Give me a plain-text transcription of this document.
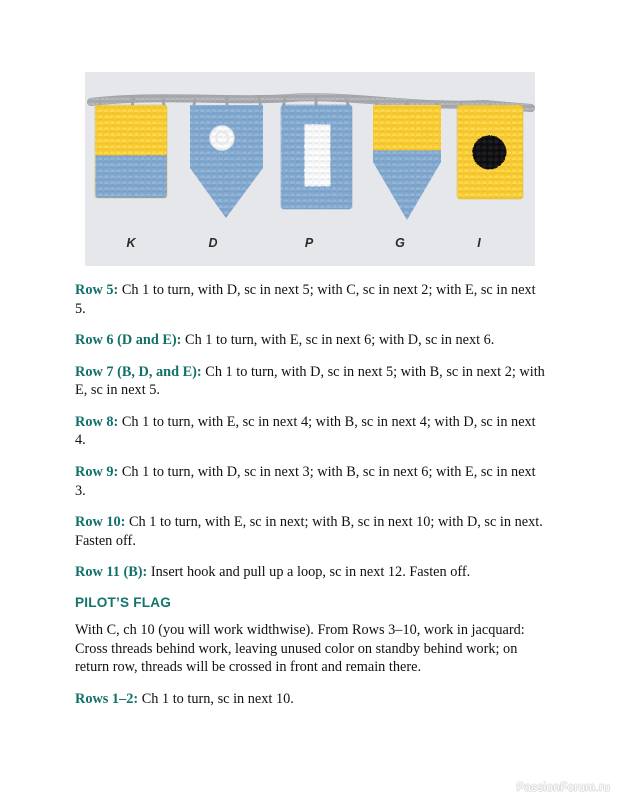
K	D	P	G	I

Row 5: Ch 1 to turn, with D, sc in next 5; with C, sc in next 2; with E, sc in next 5.

Row 6 (D and E): Ch 1 to turn, with E, sc in next 6; with D, sc in next 6.

Row 7 (B, D, and E): Ch 1 to turn, with D, sc in next 5; with B, sc in next 2; with E, sc in next 5.

Row 8: Ch 1 to turn, with E, sc in next 4; with B, sc in next 4; with D, sc in next 4.

Row 9: Ch 1 to turn, with D, sc in next 3; with B, sc in next 6; with E, sc in next 3.

Row 10: Ch 1 to turn, with E, sc in next; with B, sc in next 10; with D, sc in next. Fasten off.

Row 11 (B): Insert hook and pull up a loop, sc in next 12. Fasten off.

PILOT’S FLAG

With C, ch 10 (you will work widthwise). From Rows 3–10, work in jacquard: Cross threads behind work, leaving unused color on standby behind work; on return row, threads will be crossed in front and remain there.

Rows 1–2: Ch 1 to turn, sc in next 10.

PassionForum.ru
